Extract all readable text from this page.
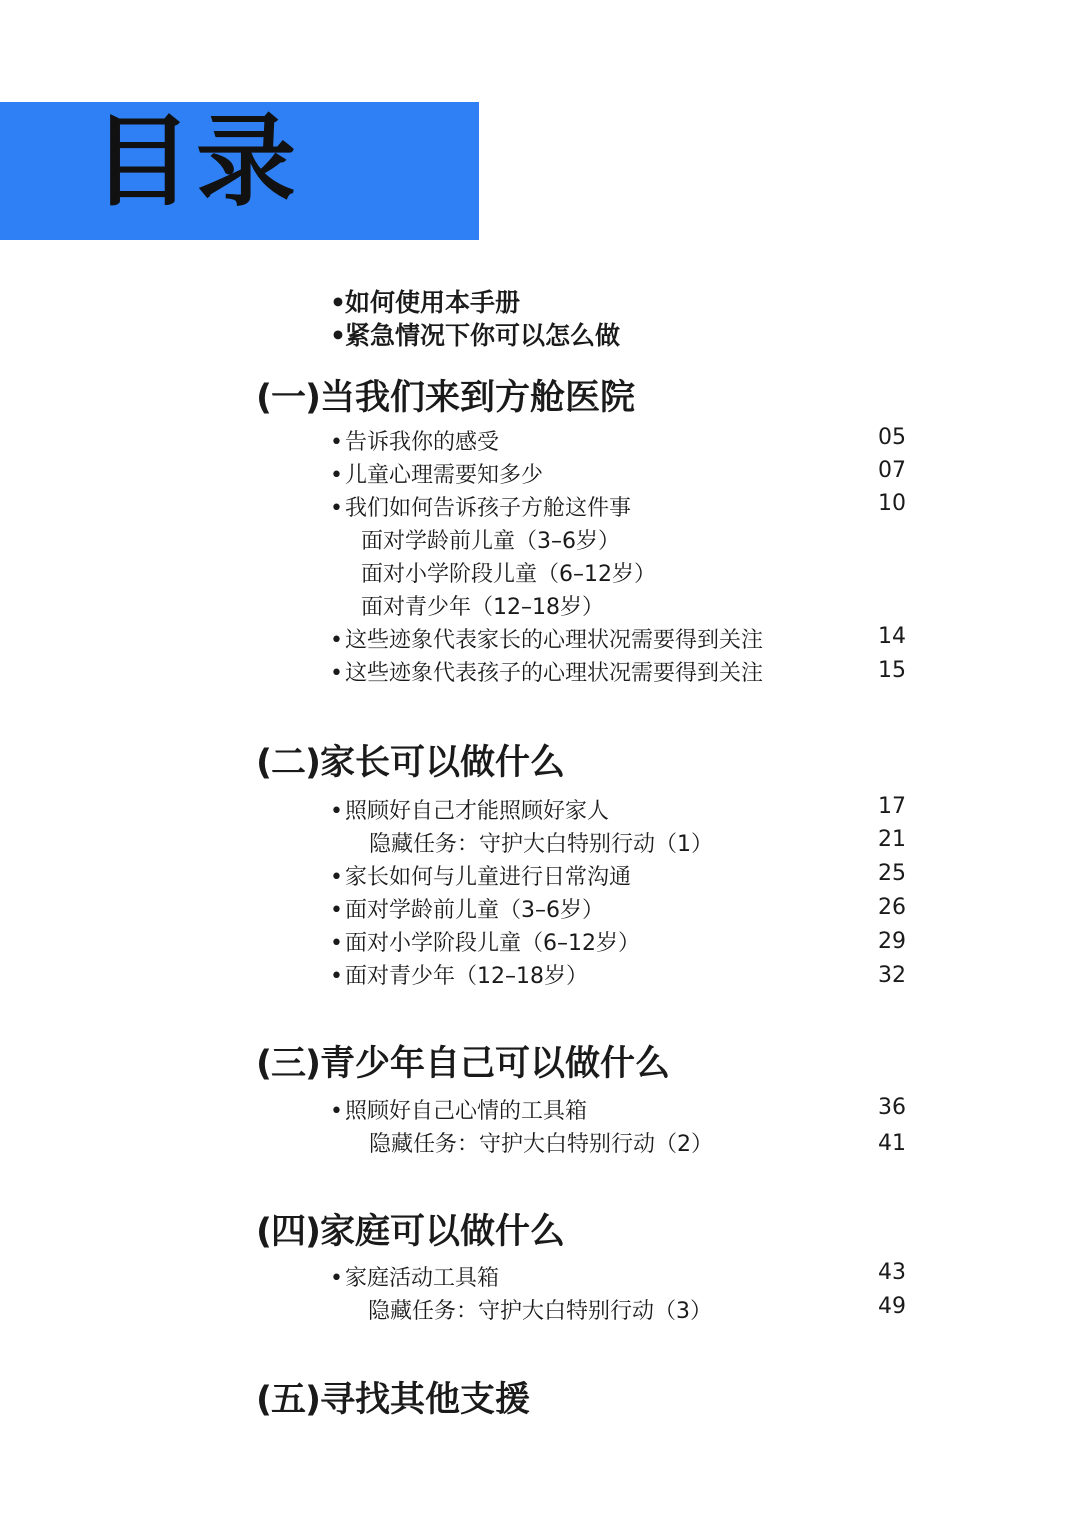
目录
•如何使用本手册
•紧急情况下你可以怎么做
(一)当我们来到方舱医院
•告诉我你的感受	05
•儿童心理需要知多少	07
•我们如何告诉孩子方舱这件事	10
面对学龄前儿童（3–6岁）
面对小学阶段儿童（6–12岁）
面对青少年（12–18岁）
•这些迹象代表家长的心理状况需要得到关注	14
•这些迹象代表孩子的心理状况需要得到关注	15
(二)家长可以做什么
•照顾好自己才能照顾好家人	17
隐藏任务：守护大白特别行动（1）	21
•家长如何与儿童进行日常沟通	25
•面对学龄前儿童（3–6岁）	26
•面对小学阶段儿童（6–12岁）	29
•面对青少年（12–18岁）	32
(三)青少年自己可以做什么
•照顾好自己心情的工具箱	36
隐藏任务：守护大白特别行动（2）	41
(四)家庭可以做什么
•家庭活动工具箱	43
隐藏任务：守护大白特别行动（3）	49
(五)寻找其他支援
